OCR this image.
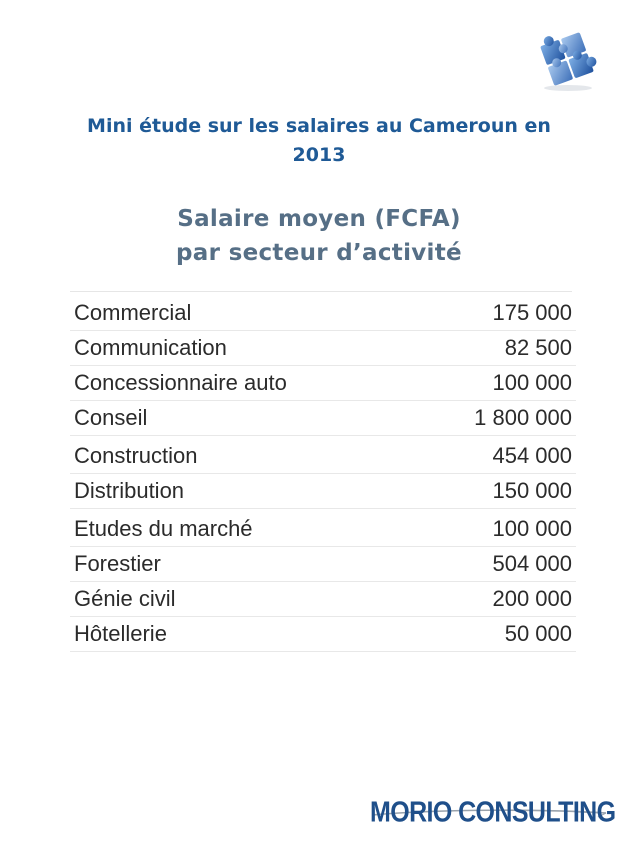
Mini étude sur les salaires au Cameroun en
2013
Salaire moyen (FCFA)
par secteur d’activité
Commercial	175 000
Communication	82 500
Concessionnaire auto	100 000
Conseil	1 800 000
Construction	454 000
Distribution	150 000
Etudes du marché	100 000
Forestier	504 000
Génie civil	200 000
Hôtellerie	50 000
MORIO CONSULTING
